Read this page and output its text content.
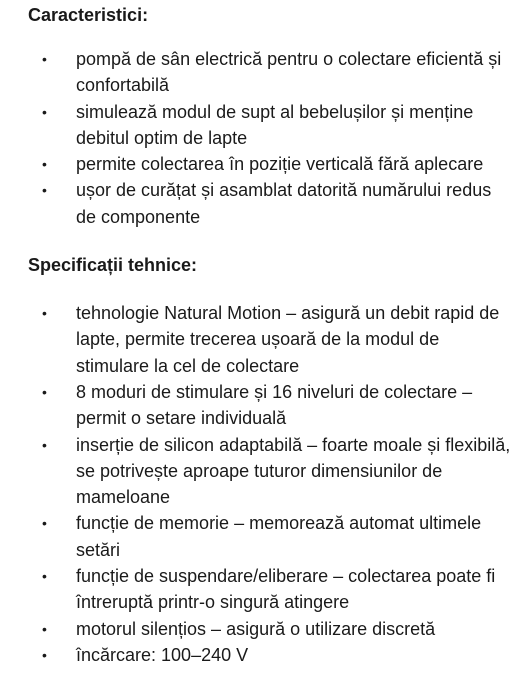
Caracteristici:
• pompă de sân electrică pentru o colectare eficientă și confortabilă
• simulează modul de supt al bebelușilor și menține debitul optim de lapte
• permite colectarea în poziție verticală fără aplecare
• ușor de curățat și asamblat datorită numărului redus de componente
Specificații tehnice:
• tehnologie Natural Motion – asigură un debit rapid de lapte, permite trecerea ușoară de la modul de stimulare la cel de colectare
• 8 moduri de stimulare și 16 niveluri de colectare – permit o setare individuală
• inserție de silicon adaptabilă – foarte moale și flexibilă, se potrivește aproape tuturor dimensiunilor de mameloane
• funcție de memorie – memorează automat ultimele setări
• funcție de suspendare/eliberare – colectarea poate fi întreruptă printr-o singură atingere
• motorul silențios – asigură o utilizare discretă
• încărcare: 100–240 V
